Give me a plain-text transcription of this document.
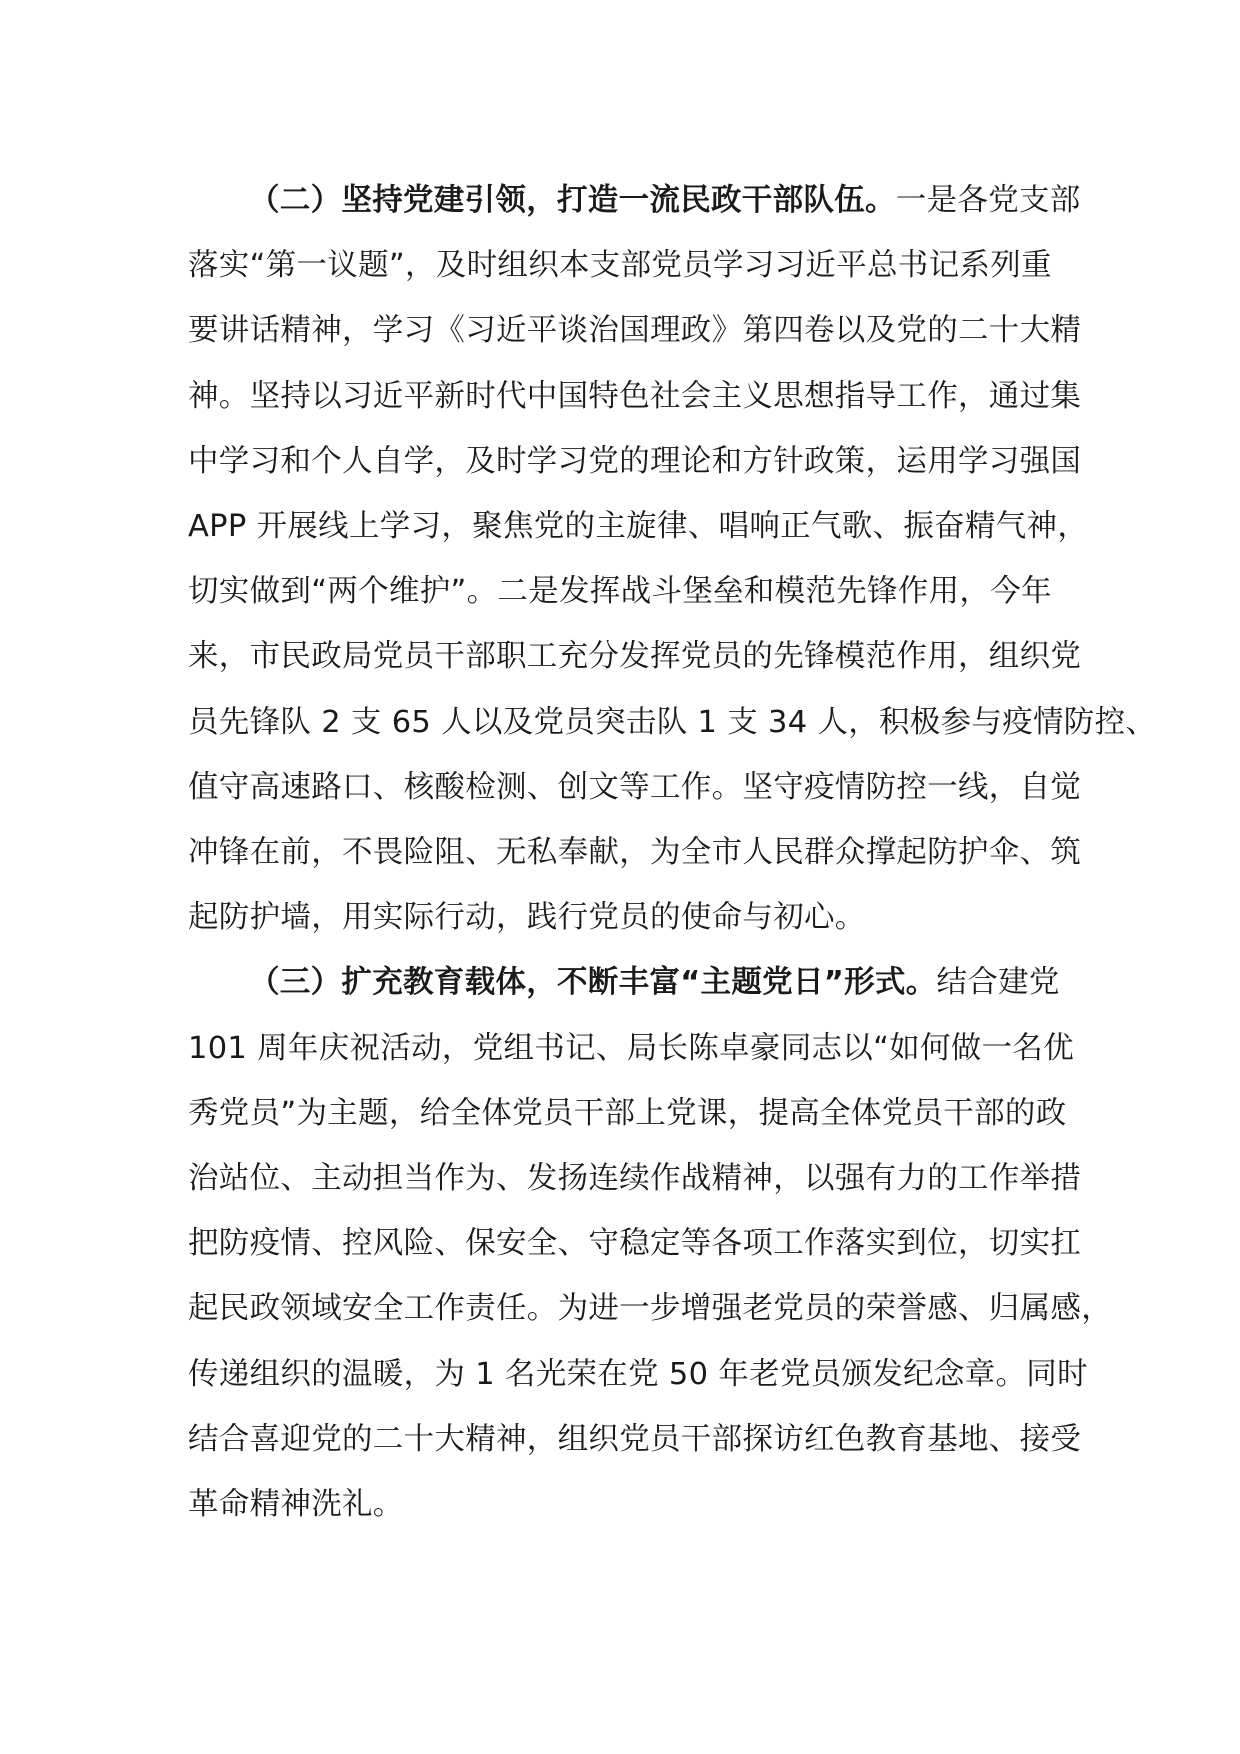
（二）坚持党建引领，打造一流民政干部队伍。一是各党支部
落实“第一议题”，及时组织本支部党员学习习近平总书记系列重
要讲话精神，学习《习近平谈治国理政》第四卷以及党的二十大精
神。坚持以习近平新时代中国特色社会主义思想指导工作，通过集
中学习和个人自学，及时学习党的理论和方针政策，运用学习强国
APP 开展线上学习，聚焦党的主旋律、唱响正气歌、振奋精气神，
切实做到“两个维护”。二是发挥战斗堡垒和模范先锋作用，今年
来，市民政局党员干部职工充分发挥党员的先锋模范作用，组织党
员先锋队 2 支 65 人以及党员突击队 1 支 34 人，积极参与疫情防控、
值守高速路口、核酸检测、创文等工作。坚守疫情防控一线，自觉
冲锋在前，不畏险阻、无私奉献，为全市人民群众撑起防护伞、筑
起防护墙，用实际行动，践行党员的使命与初心。
（三）扩充教育载体，不断丰富“主题党日”形式。结合建党
101 周年庆祝活动，党组书记、局长陈卓豪同志以“如何做一名优
秀党员”为主题，给全体党员干部上党课，提高全体党员干部的政
治站位、主动担当作为、发扬连续作战精神，以强有力的工作举措
把防疫情、控风险、保安全、守稳定等各项工作落实到位，切实扛
起民政领域安全工作责任。为进一步增强老党员的荣誉感、归属感，
传递组织的温暖，为 1 名光荣在党 50 年老党员颁发纪念章。同时
结合喜迎党的二十大精神，组织党员干部探访红色教育基地、接受
革命精神洗礼。
